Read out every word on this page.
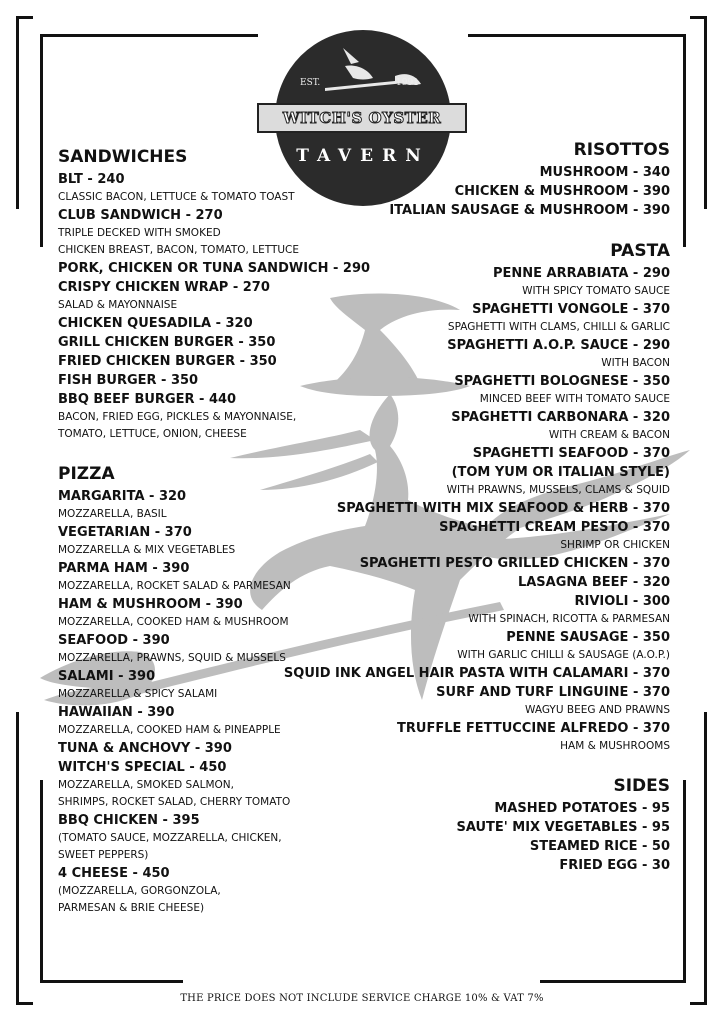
EST.	1991
WITCH'S OYSTER
TAVERN
SANDWICHES
BLT - 240
CLASSIC BACON, LETTUCE & TOMATO TOAST
CLUB SANDWICH - 270
TRIPLE DECKED WITH SMOKED
CHICKEN BREAST, BACON, TOMATO, LETTUCE
PORK, CHICKEN OR TUNA SANDWICH - 290
CRISPY CHICKEN WRAP - 270
SALAD & MAYONNAISE
CHICKEN QUESADILA - 320
GRILL CHICKEN BURGER - 350
FRIED CHICKEN BURGER - 350
FISH BURGER - 350
BBQ BEEF BURGER - 440
BACON, FRIED EGG, PICKLES & MAYONNAISE,
TOMATO, LETTUCE, ONION, CHEESE
PIZZA
MARGARITA - 320
MOZZARELLA, BASIL
VEGETARIAN - 370
MOZZARELLA & MIX VEGETABLES
PARMA HAM - 390
MOZZARELLA, ROCKET SALAD & PARMESAN
HAM & MUSHROOM - 390
MOZZARELLA, COOKED HAM & MUSHROOM
SEAFOOD - 390
MOZZARELLA, PRAWNS, SQUID & MUSSELS
SALAMI - 390
MOZZARELLA & SPICY SALAMI
HAWAIIAN - 390
MOZZARELLA, COOKED HAM & PINEAPPLE
TUNA & ANCHOVY - 390
WITCH'S SPECIAL - 450
MOZZARELLA, SMOKED SALMON,
SHRIMPS, ROCKET SALAD, CHERRY TOMATO
BBQ CHICKEN - 395
(TOMATO SAUCE, MOZZARELLA, CHICKEN,
SWEET PEPPERS)
4 CHEESE - 450
(MOZZARELLA, GORGONZOLA,
PARMESAN & BRIE CHEESE)
RISOTTOS
MUSHROOM - 340
CHICKEN & MUSHROOM - 390
ITALIAN SAUSAGE & MUSHROOM - 390
PASTA
PENNE ARRABIATA - 290
WITH SPICY TOMATO SAUCE
SPAGHETTI VONGOLE - 370
SPAGHETTI WITH CLAMS, CHILLI & GARLIC
SPAGHETTI A.O.P. SAUCE - 290
WITH BACON
SPAGHETTI BOLOGNESE - 350
MINCED BEEF WITH TOMATO SAUCE
SPAGHETTI CARBONARA - 320
WITH CREAM & BACON
SPAGHETTI SEAFOOD - 370
(TOM YUM OR ITALIAN STYLE)
WITH PRAWNS, MUSSELS, CLAMS & SQUID
SPAGHETTI WITH MIX SEAFOOD & HERB - 370
SPAGHETTI CREAM PESTO - 370
SHRIMP OR CHICKEN
SPAGHETTI PESTO GRILLED CHICKEN - 370
LASAGNA BEEF - 320
RIVIOLI - 300
WITH SPINACH, RICOTTA & PARMESAN
PENNE SAUSAGE - 350
WITH GARLIC CHILLI & SAUSAGE (A.O.P.)
SQUID INK ANGEL HAIR PASTA WITH CALAMARI - 370
SURF AND TURF LINGUINE - 370
WAGYU BEEG AND PRAWNS
TRUFFLE FETTUCCINE ALFREDO - 370
HAM & MUSHROOMS
SIDES
MASHED POTATOES - 95
SAUTE' MIX VEGETABLES - 95
STEAMED RICE - 50
FRIED EGG - 30
THE PRICE DOES NOT INCLUDE SERVICE CHARGE 10% & VAT 7%
